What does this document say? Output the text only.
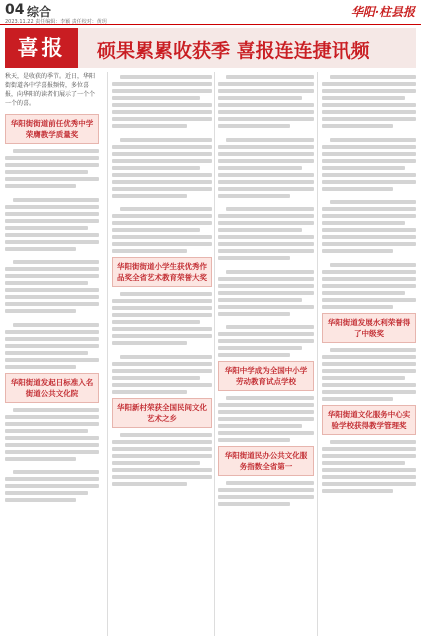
04 综合
2023.11.22 责任编辑：李颖 责任校对：黄玥
华阳·柱县报
喜报	硕果累累收获季 喜报连连捷讯频
秋天，是收获的季节。近日，华阳街街道各中学喜报频传，多位喜报，向华阳的读者们展示了一个个一个的喜。
华阳街街道前任优秀中学荣膺教学质量奖
华阳街道发起日标准入名街道公共文化院
华阳街街道小学生获优秀作品奖全省艺术教育荣誉大奖
华阳新村荣获全国民间文化艺术之乡
华阳中学成为全国中小学劳动教育试点学校
华阳街道民办公共文化服务指数全省第一
华阳街道发展水利荣誉得了中级奖
华阳街道文化服务中心实验学校获得教学管理奖
